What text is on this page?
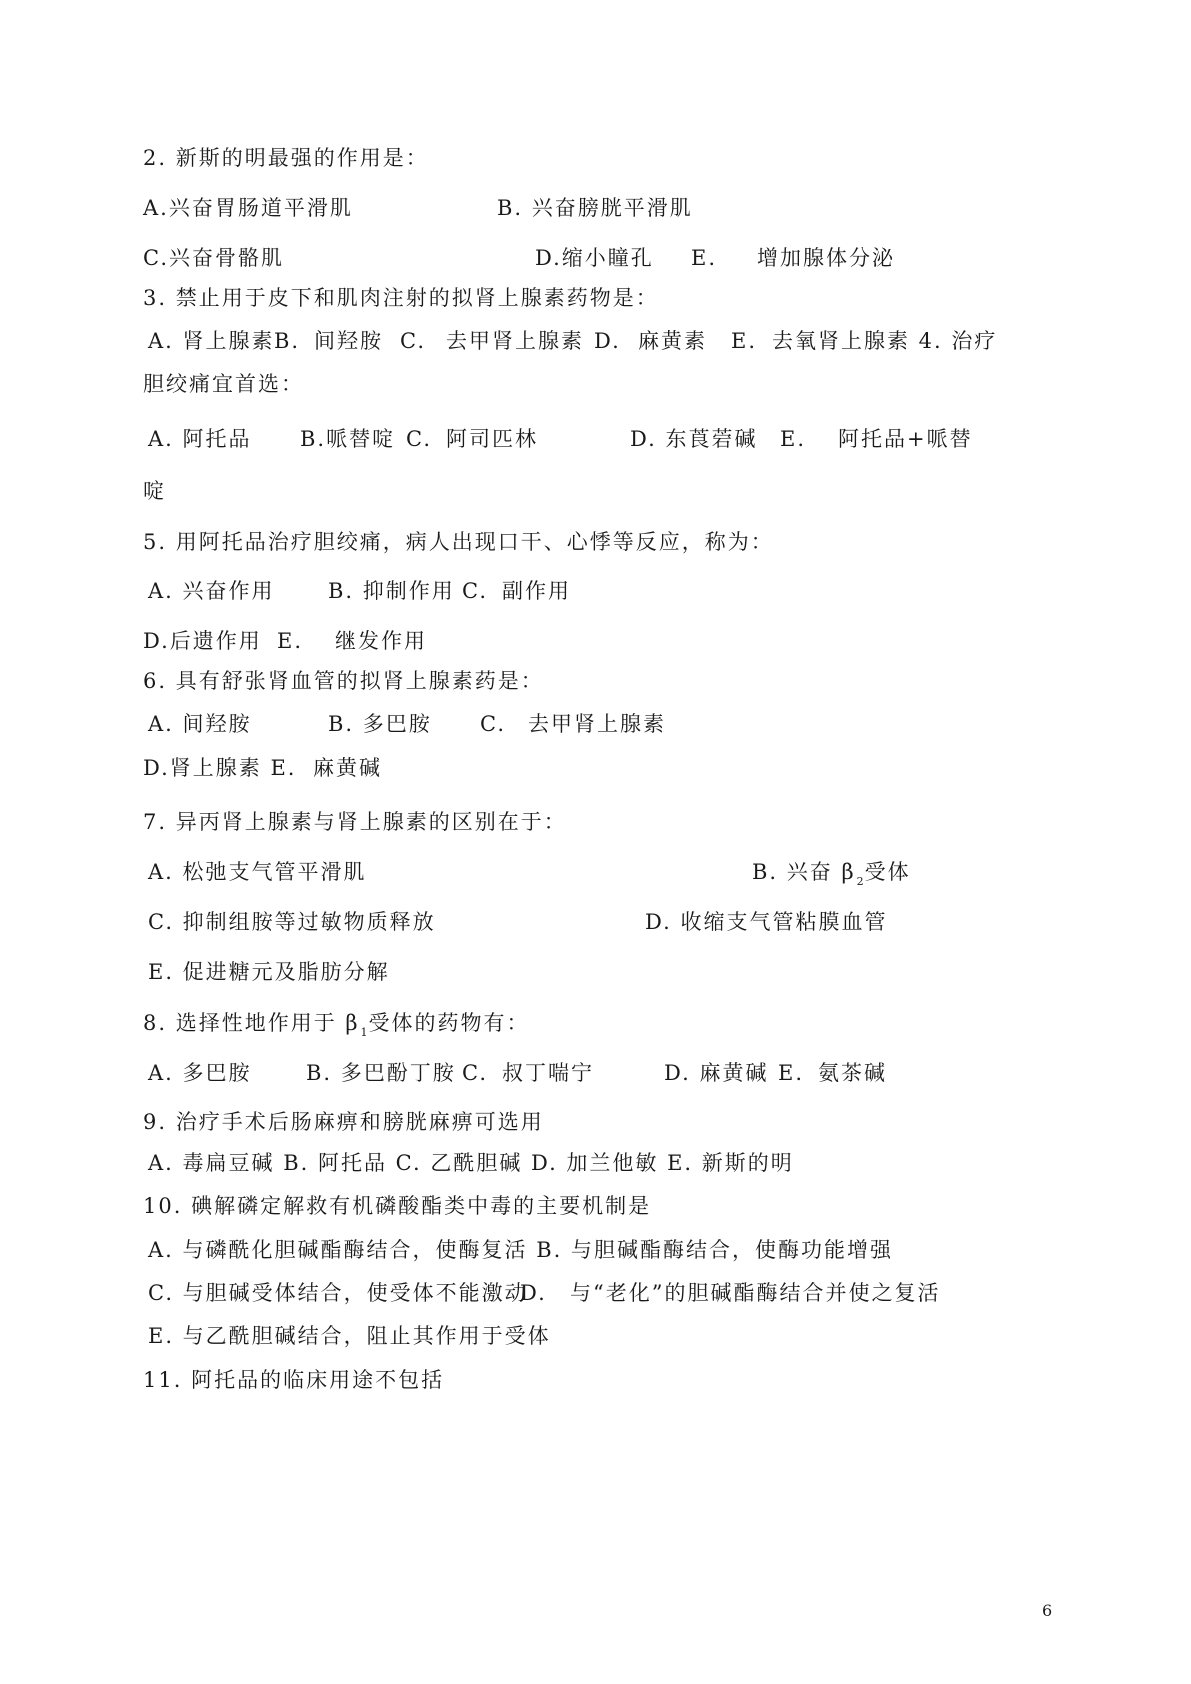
2. 新斯的明最强的作用是：
A.兴奋胃肠道平滑肌	B. 兴奋膀胱平滑肌
C.兴奋骨骼肌	D.缩小瞳孔 E. 增加腺体分泌
3. 禁止用于皮下和肌肉注射的拟肾上腺素药物是：
A. 肾上腺素 B. 间羟胺 C. 去甲肾上腺素 D. 麻黄素 E. 去氧肾上腺素 4. 治疗
胆绞痛宜首选：
A. 阿托品 B.哌替啶 C. 阿司匹林	D. 东莨菪碱 E. 阿托品+哌替
啶
5. 用阿托品治疗胆绞痛，病人出现口干、心悸等反应，称为：
A. 兴奋作用	B. 抑制作用 C. 副作用
D.后遗作用 E. 继发作用
6. 具有舒张肾血管的拟肾上腺素药是：
A. 间羟胺	B. 多巴胺 C. 去甲肾上腺素
D.肾上腺素 E. 麻黄碱
7. 异丙肾上腺素与肾上腺素的区别在于：
A. 松弛支气管平滑肌	B. 兴奋 $\beta_2$受体
C. 抑制组胺等过敏物质释放	D. 收缩支气管粘膜血管
E. 促进糖元及脂肪分解
8. 选择性地作用于 $\beta_1$受体的药物有：
A. 多巴胺	B. 多巴酚丁胺 C. 叔丁喘宁	D. 麻黄碱 E. 氨茶碱
9. 治疗手术后肠麻痹和膀胱麻痹可选用
A. 毒扁豆碱 B. 阿托品 C. 乙酰胆碱 D. 加兰他敏 E. 新斯的明
10. 碘解磷定解救有机磷酸酯类中毒的主要机制是
A. 与磷酰化胆碱酯酶结合，使酶复活 B. 与胆碱酯酶结合，使酶功能增强
C. 与胆碱受体结合，使受体不能激动
D. 与“老化”的胆碱酯酶结合并使之复活
E. 与乙酰胆碱结合，阻止其作用于受体
11. 阿托品的临床用途不包括
6
